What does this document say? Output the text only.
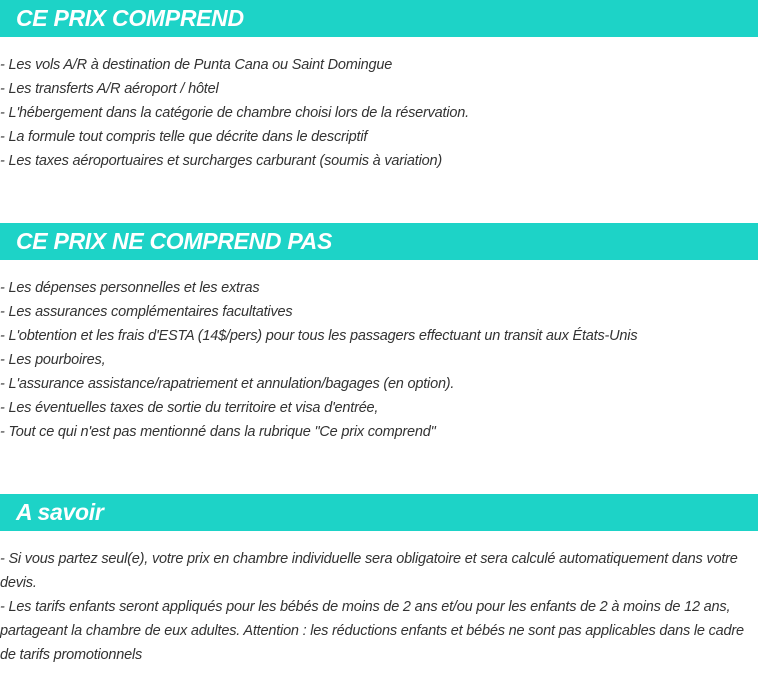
CE PRIX COMPREND
- Les vols A/R à destination de Punta Cana ou Saint Domingue
- Les transferts A/R aéroport / hôtel
- L'hébergement dans la catégorie de chambre choisi lors de la réservation.
- La formule tout compris telle que décrite dans le descriptif
- Les taxes aéroportuaires et surcharges carburant (soumis à variation)
CE PRIX NE COMPREND PAS
- Les dépenses personnelles et les extras
- Les assurances complémentaires facultatives
- L'obtention et les frais d'ESTA (14$/pers) pour tous les passagers effectuant un transit aux États-Unis
- Les pourboires,
- L'assurance assistance/rapatriement et annulation/bagages (en option).
- Les éventuelles taxes de sortie du territoire et visa d'entrée,
- Tout ce qui n'est pas mentionné dans la rubrique "Ce prix comprend"
A savoir
- Si vous partez seul(e), votre prix en chambre individuelle sera obligatoire et sera calculé automatiquement dans votre devis.
- Les tarifs enfants seront appliqués pour les bébés de moins de 2 ans et/ou pour les enfants de 2 à moins de 12 ans, partageant la chambre de eux adultes. Attention : les réductions enfants et bébés ne sont pas applicables dans le cadre de tarifs promotionnels
